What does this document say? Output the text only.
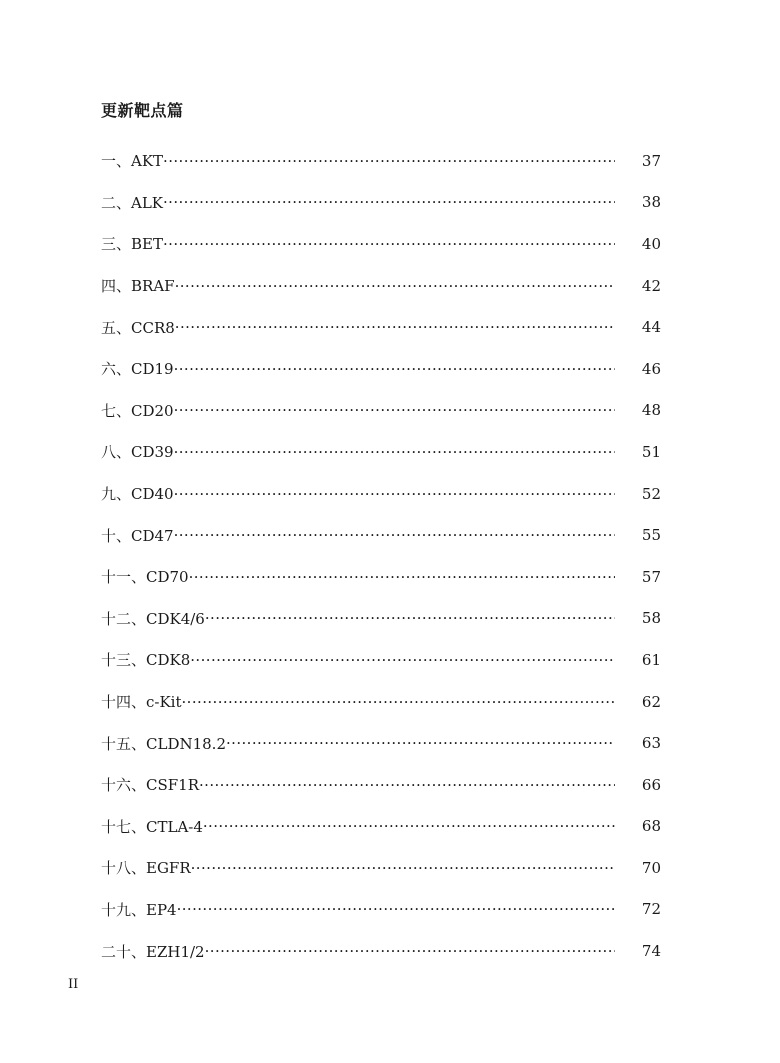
更新靶点篇
一、AKT ·····	37
二、ALK ·····	38
三、BET ·····	40
四、BRAF ·····	42
五、CCR8 ·····	44
六、CD19 ·····	46
七、CD20 ·····	48
八、CD39 ·····	51
九、CD40 ·····	52
十、CD47 ·····	55
十一、CD70 ·····	57
十二、CDK4/6 ·····	58
十三、CDK8 ·····	61
十四、c-Kit ·····	62
十五、CLDN18.2 ·····	63
十六、CSF1R ·····	66
十七、CTLA-4 ·····	68
十八、EGFR ·····	70
十九、EP4 ·····	72
二十、EZH1/2 ·····	74
II
